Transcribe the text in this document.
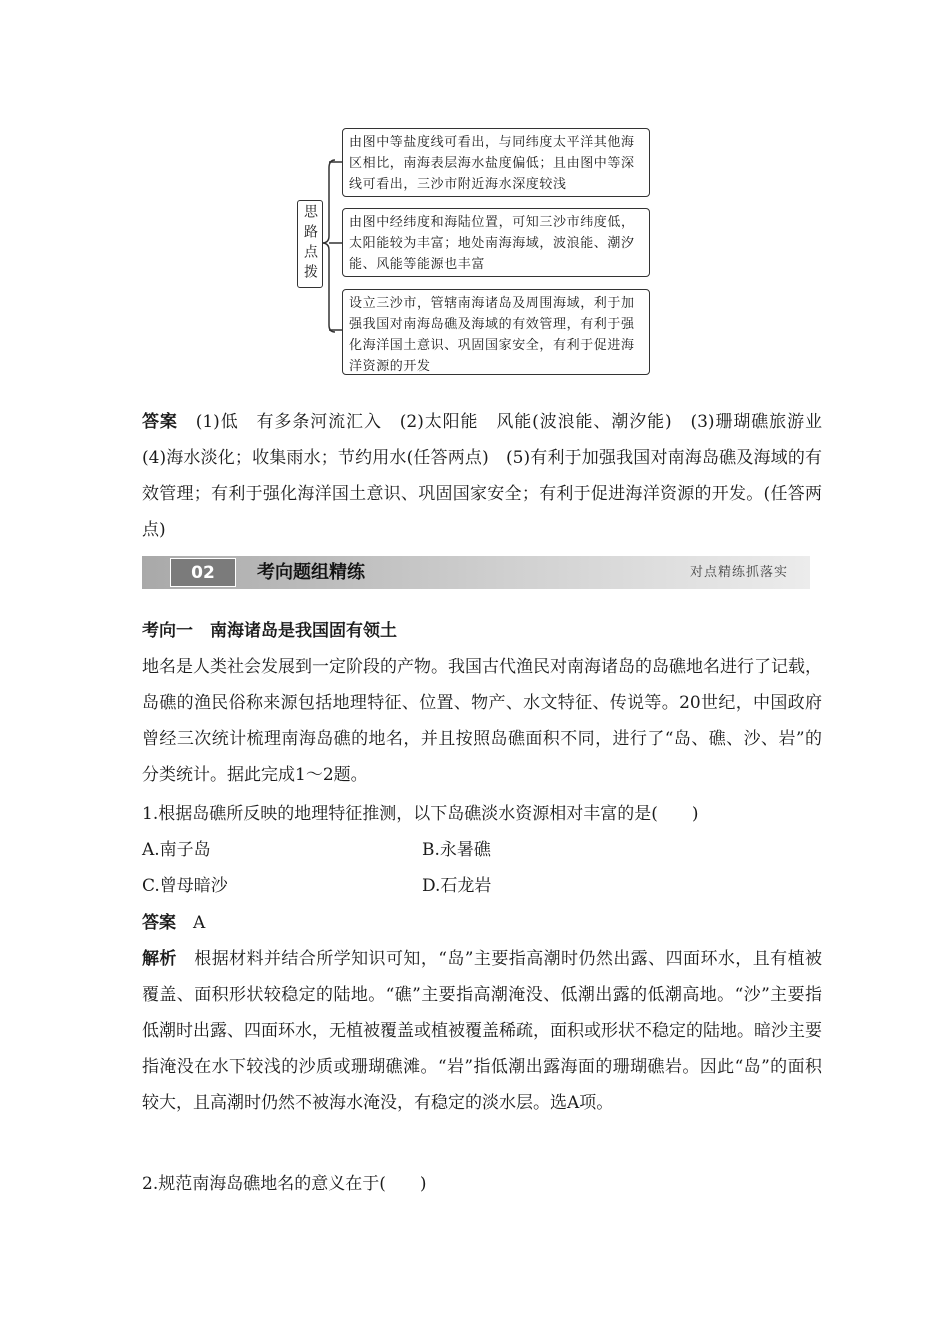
思路点拨
由图中等盐度线可看出，与同纬度太平洋其他海区相比，南海表层海水盐度偏低；且由图中等深线可看出，三沙市附近海水深度较浅
由图中经纬度和海陆位置，可知三沙市纬度低，太阳能较为丰富；地处南海海域，波浪能、潮汐能、风能等能源也丰富
设立三沙市，管辖南海诸岛及周围海域，利于加强我国对南海岛礁及海域的有效管理，有利于强化海洋国土意识、巩固国家安全，有利于促进海洋资源的开发

答案　 (1)低　有多条河流汇入　(2)太阳能　风能(波浪能、潮汐能)　(3)珊瑚礁旅游业　(4)海水淡化；收集雨水；节约用水(任答两点)　(5)有利于加强我国对南海岛礁及海域的有效管理；有利于强化海洋国土意识、巩固国家安全；有利于促进海洋资源的开发。(任答两点)

02	考向题组精练	对点精练抓落实
考向一　南海诸岛是我国固有领土

地名是人类社会发展到一定阶段的产物。我国古代渔民对南海诸岛的岛礁地名进行了记载，岛礁的渔民俗称来源包括地理特征、位置、物产、水文特征、传说等。20世纪，中国政府曾经三次统计梳理南海岛礁的地名，并且按照岛礁面积不同，进行了“岛、礁、沙、岩”的分类统计。据此完成1～2题。

1.根据岛礁所反映的地理特征推测，以下岛礁淡水资源相对丰富的是(　　)
A.南子岛	B.永暑礁
C.曾母暗沙	D.石龙岩
答案　 A

解析　 根据材料并结合所学知识可知，“岛”主要指高潮时仍然出露、四面环水，且有植被覆盖、面积形状较稳定的陆地。“礁”主要指高潮淹没、低潮出露的低潮高地。“沙”主要指低潮时出露、四面环水，无植被覆盖或植被覆盖稀疏，面积或形状不稳定的陆地。暗沙主要指淹没在水下较浅的沙质或珊瑚礁滩。“岩”指低潮出露海面的珊瑚礁岩。因此“岛”的面积较大，且高潮时仍然不被海水淹没，有稳定的淡水层。选A项。

2.规范南海岛礁地名的意义在于(　　)
